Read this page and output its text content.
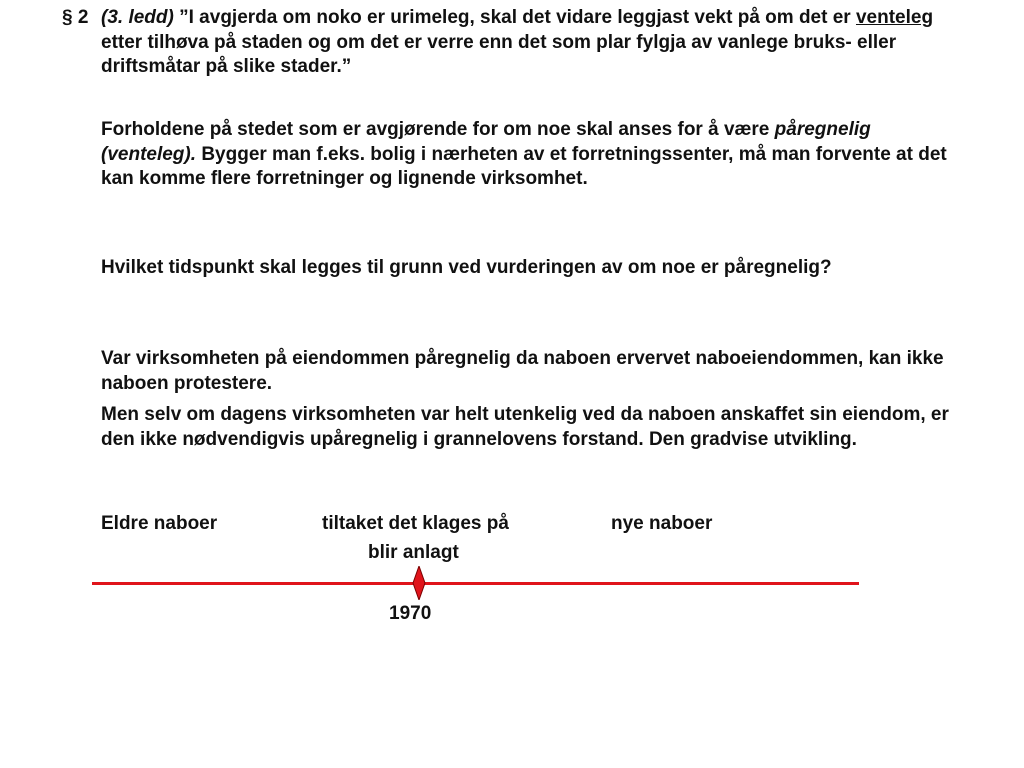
§ 2 (3. ledd) ”I avgjerda om noko er urimeleg, skal det vidare leggjast vekt på om det er venteleg etter tilhøva på staden og om det er verre enn det som plar fylgja av vanlege bruks- eller driftsmåtar på slike stader.”
Forholdene på stedet som er avgjørende for om noe skal anses for å være påregnelig (venteleg). Bygger man f.eks. bolig i nærheten av et forretningssenter, må man forvente at det kan komme flere forretninger og lignende virksomhet.
Hvilket tidspunkt skal legges til grunn ved vurderingen av om noe er påregnelig?
Var virksomheten på eiendommen påregnelig da naboen ervervet naboeiendommen, kan ikke naboen protestere.
Men selv om dagens virksomheten var helt utenkelig ved da naboen anskaffet sin eiendom, er den ikke nødvendigvis upåregnelig i grannelovens forstand. Den gradvise utvikling.
Eldre naboer	tiltaket det klages på	nye naboer
blir anlagt
1970
